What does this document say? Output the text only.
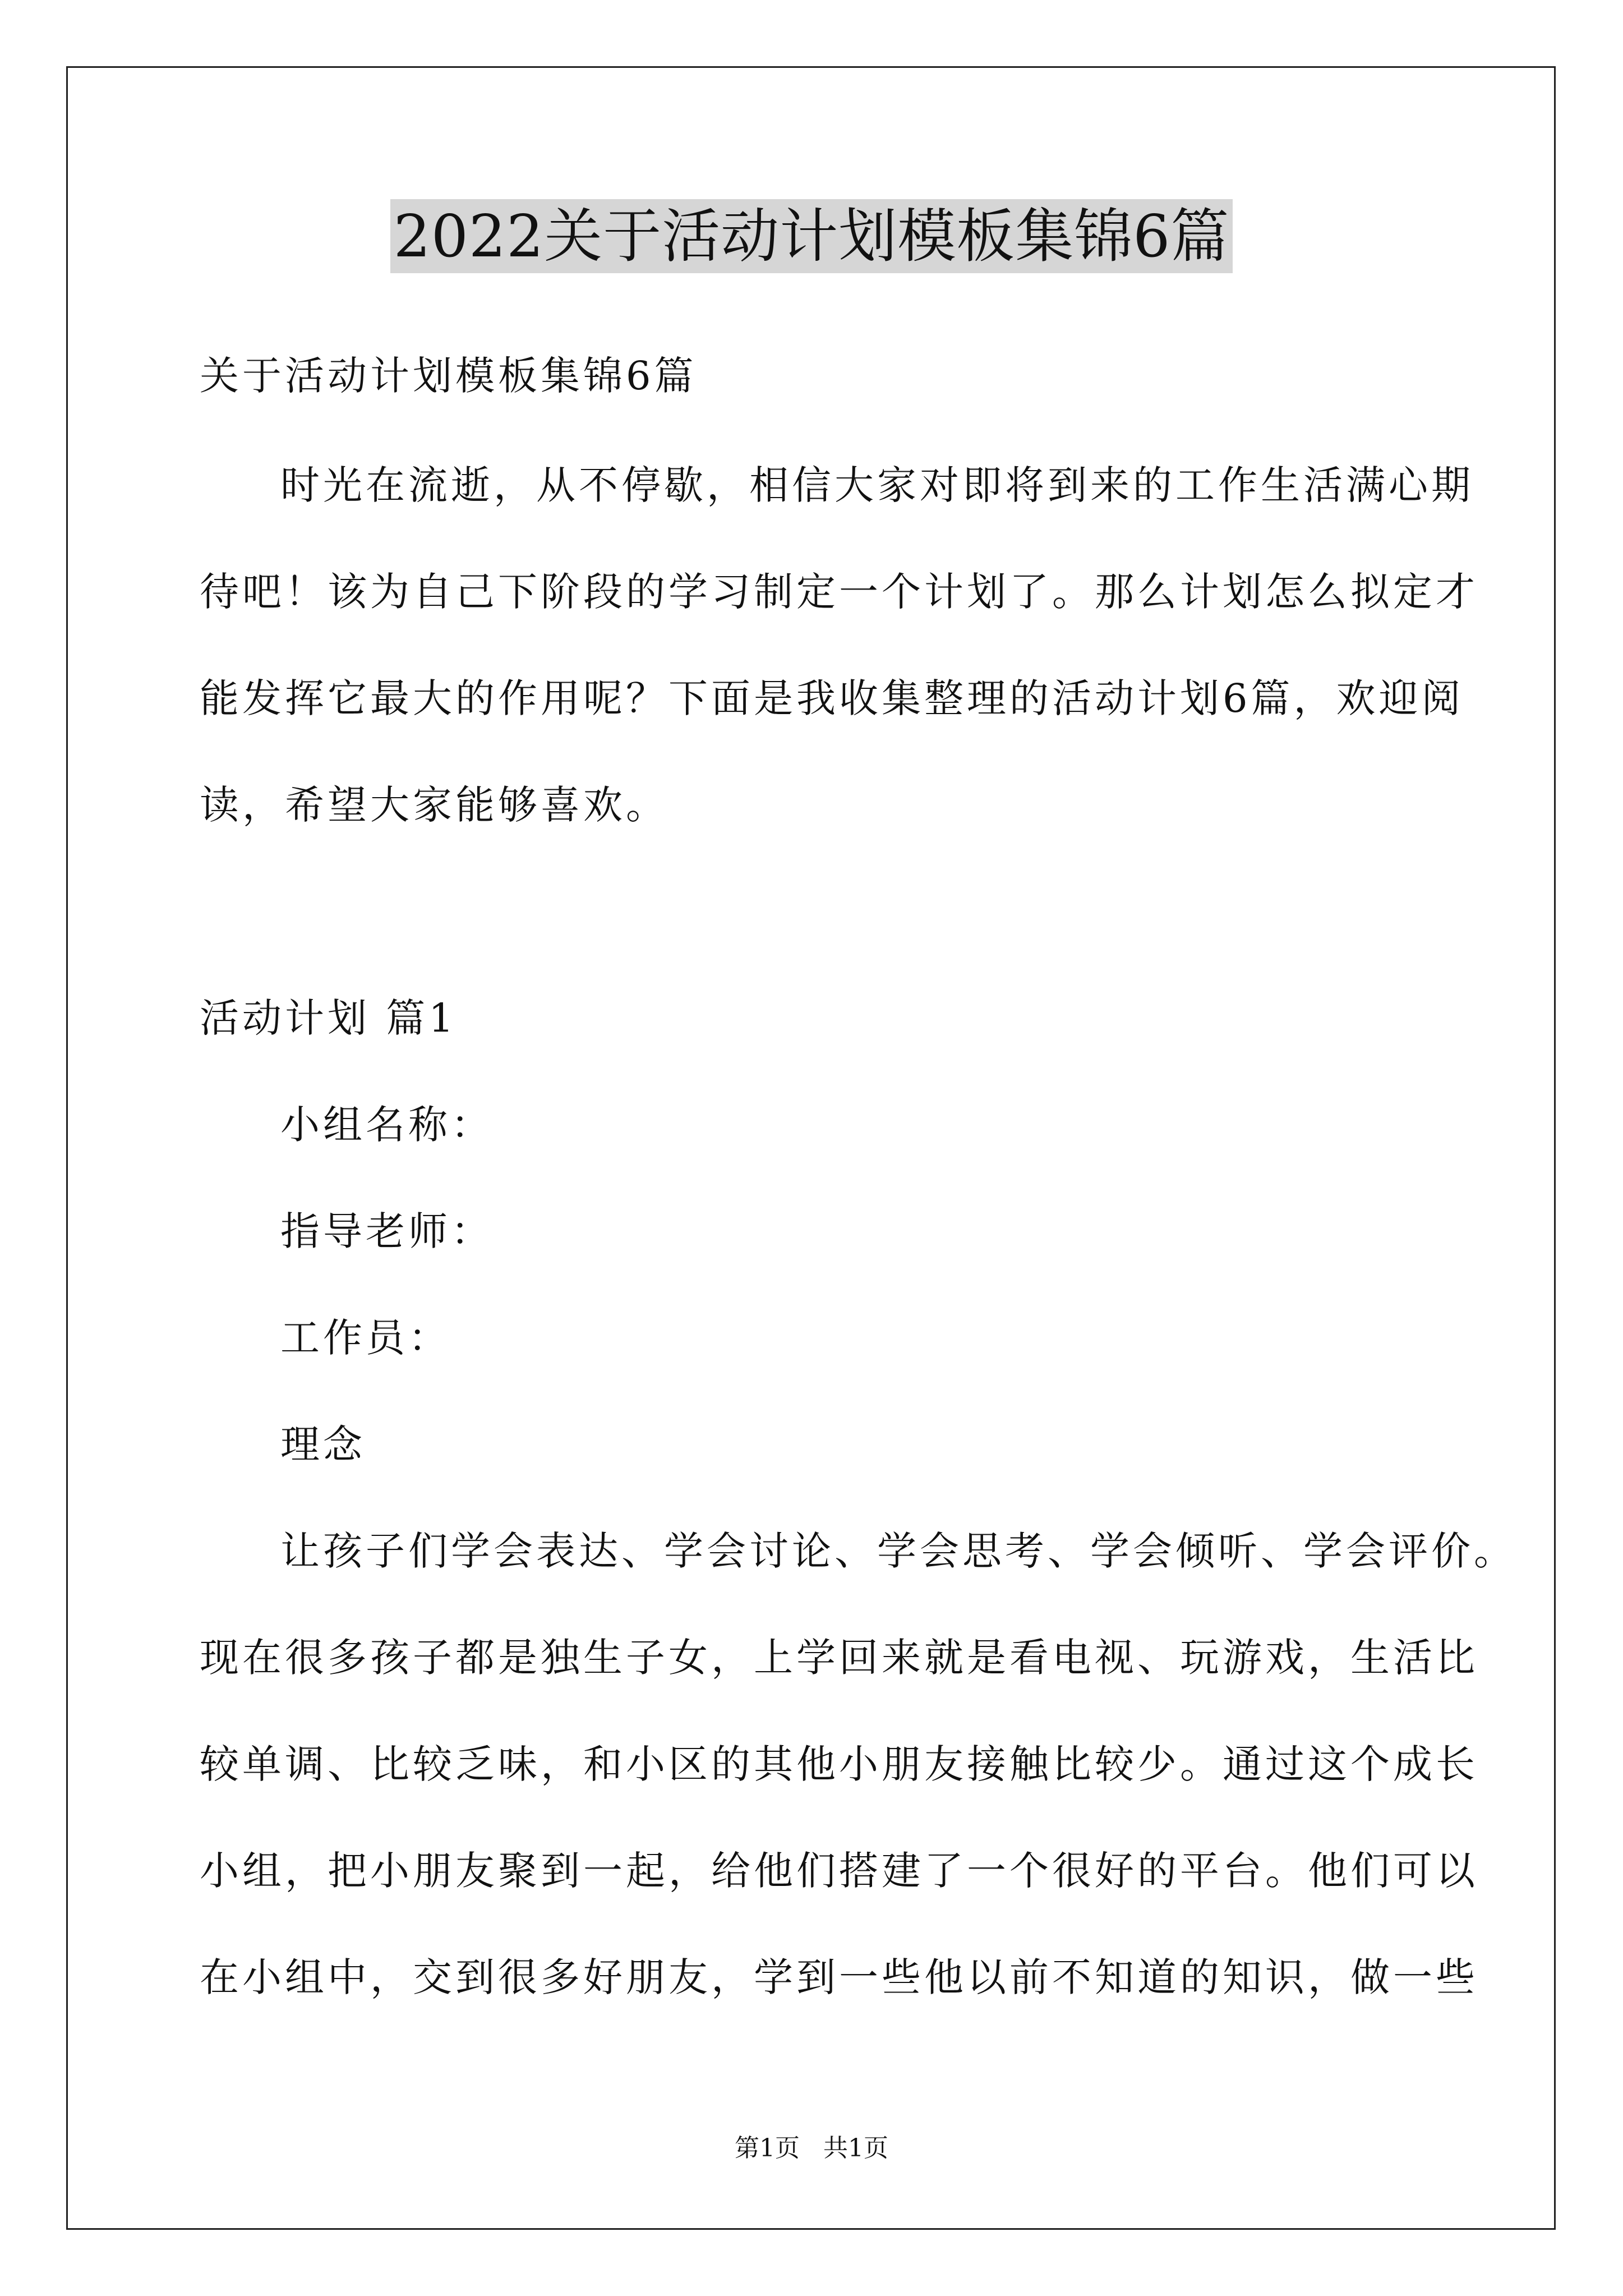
2022关于活动计划模板集锦6篇
关于活动计划模板集锦6篇
时光在流逝，从不停歇，相信大家对即将到来的工作生活满心期
待吧！该为自己下阶段的学习制定一个计划了。那么计划怎么拟定才
能发挥它最大的作用呢？下面是我收集整理的活动计划6篇，欢迎阅
读，希望大家能够喜欢。
活动计划 篇1
小组名称：
指导老师：
工作员：
理念
让孩子们学会表达、学会讨论、学会思考、学会倾听、学会评价。
现在很多孩子都是独生子女，上学回来就是看电视、玩游戏，生活比
较单调、比较乏味，和小区的其他小朋友接触比较少。通过这个成长
小组，把小朋友聚到一起，给他们搭建了一个很好的平台。他们可以
在小组中，交到很多好朋友，学到一些他以前不知道的知识，做一些
第1页   共1页
